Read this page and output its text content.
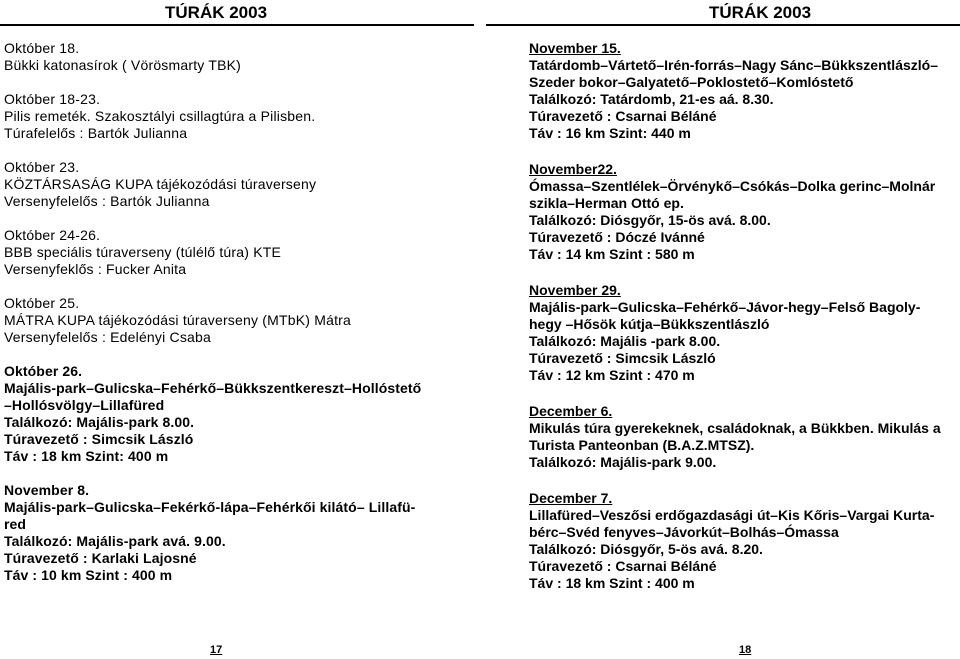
TÚRÁK 2003
Október 18.
Bükki katonasírok ( Vörösmarty TBK)
Október 18-23.
Pilis remeték. Szakosztályi csillagtúra a Pilisben.
Túrafelelős : Bartók Julianna
Október 23.
KÖZTÁRSASÁG KUPA tájékozódási túraverseny
Versenyfelelős : Bartók Julianna
Október 24-26.
BBB speciális túraverseny (túlélő túra) KTE
Versenyfeklős : Fucker Anita
Október 25.
MÁTRA KUPA tájékozódási túraverseny (MTbK) Mátra
Versenyfelelős : Edelényi Csaba
Október 26.
Majális-park–Gulicska–Fehérkő–Bükkszentkereszt–Hollóstető
–Hollósvölgy–Lillafüred
Találkozó: Majális-park 8.00.
Túravezető : Simcsik László
Táv : 18 km Szint: 400 m
November 8.
Majális-park–Gulicska–Fekérkő-lápa–Fehérkői kilátó– Lillafü-
red
Találkozó: Majális-park avá. 9.00.
Túravezető : Karlaki Lajosné
Táv : 10 km Szint : 400 m
17
TÚRÁK 2003
November 15.
Tatárdomb–Vártető–Irén-forrás–Nagy Sánc–Bükkszentlászló–
Szeder bokor–Galyatető–Poklostető–Komlóstető
Találkozó: Tatárdomb, 21-es aá. 8.30.
Túravezető : Csarnai Béláné
Táv : 16 km Szint: 440 m
November22.
Ómassa–Szentlélek–Örvénykő–Csókás–Dolka gerinc–Molnár
szikla–Herman Ottó ep.
Találkozó: Diósgyőr, 15-ös avá. 8.00.
Túravezető : Dóczé Ivánné
Táv : 14 km Szint : 580 m
November 29.
Majális-park–Gulicska–Fehérkő–Jávor-hegy–Felső Bagoly-
hegy –Hősök kútja–Bükkszentlászló
Találkozó: Majális -park 8.00.
Túravezető : Simcsik László
Táv : 12 km Szint : 470 m
December 6.
Mikulás túra gyerekeknek, családoknak, a Bükkben. Mikulás a
Turista Panteonban (B.A.Z.MTSZ).
Találkozó: Majális-park 9.00.
December 7.
Lillafüred–Veszősi erdőgazdasági út–Kis Kőris–Vargai Kurta-
bérc–Svéd fenyves–Jávorkút–Bolhás–Ómassa
Találkozó: Diósgyőr, 5-ös avá. 8.20.
Túravezető : Csarnai Béláné
Táv : 18 km Szint : 400 m
18
